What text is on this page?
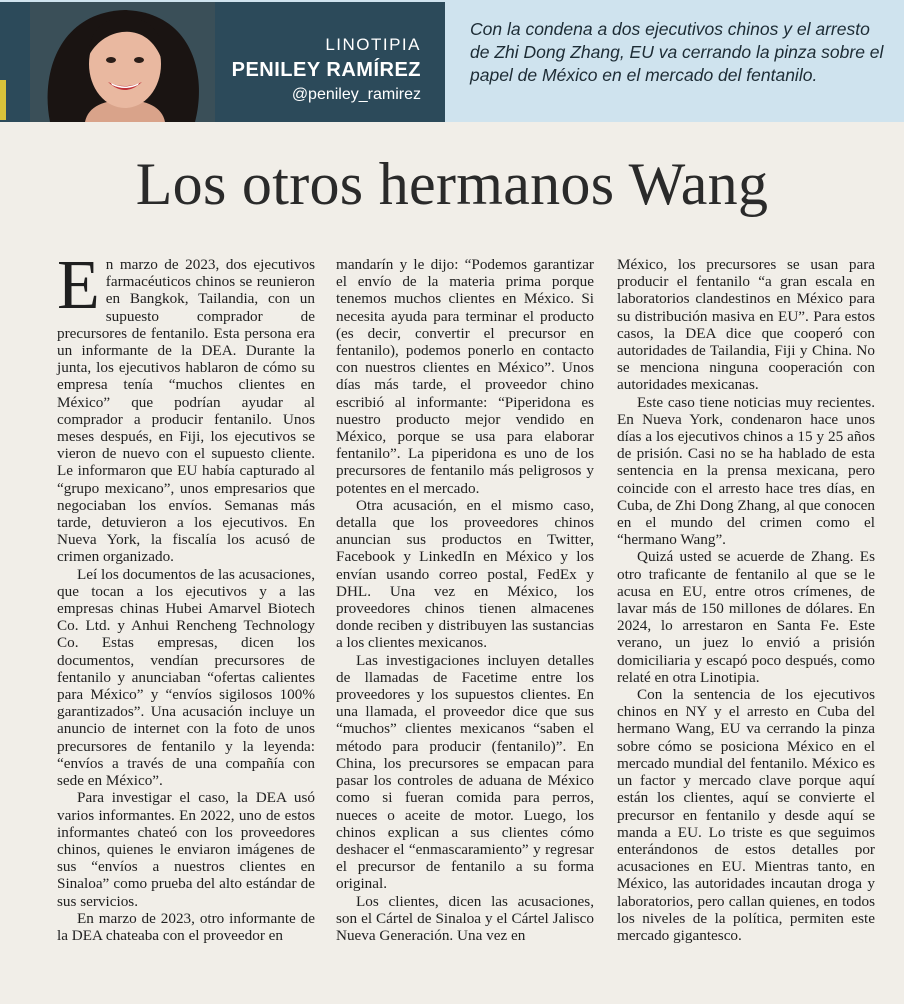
LINOTIPIA
PENILEY RAMÍREZ
@peniley_ramirez
Con la condena a dos ejecutivos chinos y el arresto de Zhi Dong Zhang, EU va cerrando la pinza sobre el papel de México en el mercado del fentanilo.
Los otros hermanos Wang

En marzo de 2023, dos ejecutivos farmacéuticos chinos se reunieron en Bangkok, Tailandia, con un supuesto comprador de precursores de fentanilo. Esta persona era un informante de la DEA. Durante la junta, los ejecutivos hablaron de cómo su empresa tenía “muchos clientes en México” que podrían ayudar al comprador a producir fentanilo. Unos meses después, en Fiji, los ejecutivos se vieron de nuevo con el supuesto cliente. Le informaron que EU había capturado al “grupo mexicano”, unos empresarios que negociaban los envíos. Semanas más tarde, detuvieron a los ejecutivos. En Nueva York, la fiscalía los acusó de crimen organizado.

Leí los documentos de las acusaciones, que tocan a los ejecutivos y a las empresas chinas Hubei Amarvel Biotech Co. Ltd. y Anhui Rencheng Technology Co. Estas empresas, dicen los documentos, vendían precursores de fentanilo y anunciaban “ofertas calientes para México” y “envíos sigilosos 100% garantizados”. Una acusación incluye un anuncio de internet con la foto de unos precursores de fentanilo y la leyenda: “envíos a través de una compañía con sede en México”.

Para investigar el caso, la DEA usó varios informantes. En 2022, uno de estos informantes chateó con los proveedores chinos, quienes le enviaron imágenes de sus “envíos a nuestros clientes en Sinaloa” como prueba del alto estándar de sus servicios.

En marzo de 2023, otro informante de la DEA chateaba con el proveedor en

mandarín y le dijo: “Podemos garantizar el envío de la materia prima porque tenemos muchos clientes en México. Si necesita ayuda para terminar el producto (es decir, convertir el precursor en fentanilo), podemos ponerlo en contacto con nuestros clientes en México”. Unos días más tarde, el proveedor chino escribió al informante: “Piperidona es nuestro producto mejor vendido en México, porque se usa para elaborar fentanilo”. La piperidona es uno de los precursores de fentanilo más peligrosos y potentes en el mercado.

Otra acusación, en el mismo caso, detalla que los proveedores chinos anuncian sus productos en Twitter, Facebook y LinkedIn en México y los envían usando correo postal, FedEx y DHL. Una vez en México, los proveedores chinos tienen almacenes donde reciben y distribuyen las sustancias a los clientes mexicanos.

Las investigaciones incluyen detalles de llamadas de Facetime entre los proveedores y los supuestos clientes. En una llamada, el proveedor dice que sus “muchos” clientes mexicanos “saben el método para producir (fentanilo)”. En China, los precursores se empacan para pasar los controles de aduana de México como si fueran comida para perros, nueces o aceite de motor. Luego, los chinos explican a sus clientes cómo deshacer el “enmascaramiento” y regresar el precursor de fentanilo a su forma original.

Los clientes, dicen las acusaciones, son el Cártel de Sinaloa y el Cártel Jalisco Nueva Generación. Una vez en

México, los precursores se usan para producir el fentanilo “a gran escala en laboratorios clandestinos en México para su distribución masiva en EU”. Para estos casos, la DEA dice que cooperó con autoridades de Tailandia, Fiji y China. No se menciona ninguna cooperación con autoridades mexicanas.

Este caso tiene noticias muy recientes. En Nueva York, condenaron hace unos días a los ejecutivos chinos a 15 y 25 años de prisión. Casi no se ha hablado de esta sentencia en la prensa mexicana, pero coincide con el arresto hace tres días, en Cuba, de Zhi Dong Zhang, al que conocen en el mundo del crimen como el “hermano Wang”.

Quizá usted se acuerde de Zhang. Es otro traficante de fentanilo al que se le acusa en EU, entre otros crímenes, de lavar más de 150 millones de dólares. En 2024, lo arrestaron en Santa Fe. Este verano, un juez lo envió a prisión domiciliaria y escapó poco después, como relaté en otra Linotipia.

Con la sentencia de los ejecutivos chinos en NY y el arresto en Cuba del hermano Wang, EU va cerrando la pinza sobre cómo se posiciona México en el mercado mundial del fentanilo. México es un factor y mercado clave porque aquí están los clientes, aquí se convierte el precursor en fentanilo y desde aquí se manda a EU. Lo triste es que seguimos enterándonos de estos detalles por acusaciones en EU. Mientras tanto, en México, las autoridades incautan droga y laboratorios, pero callan quienes, en todos los niveles de la política, permiten este mercado gigantesco.
